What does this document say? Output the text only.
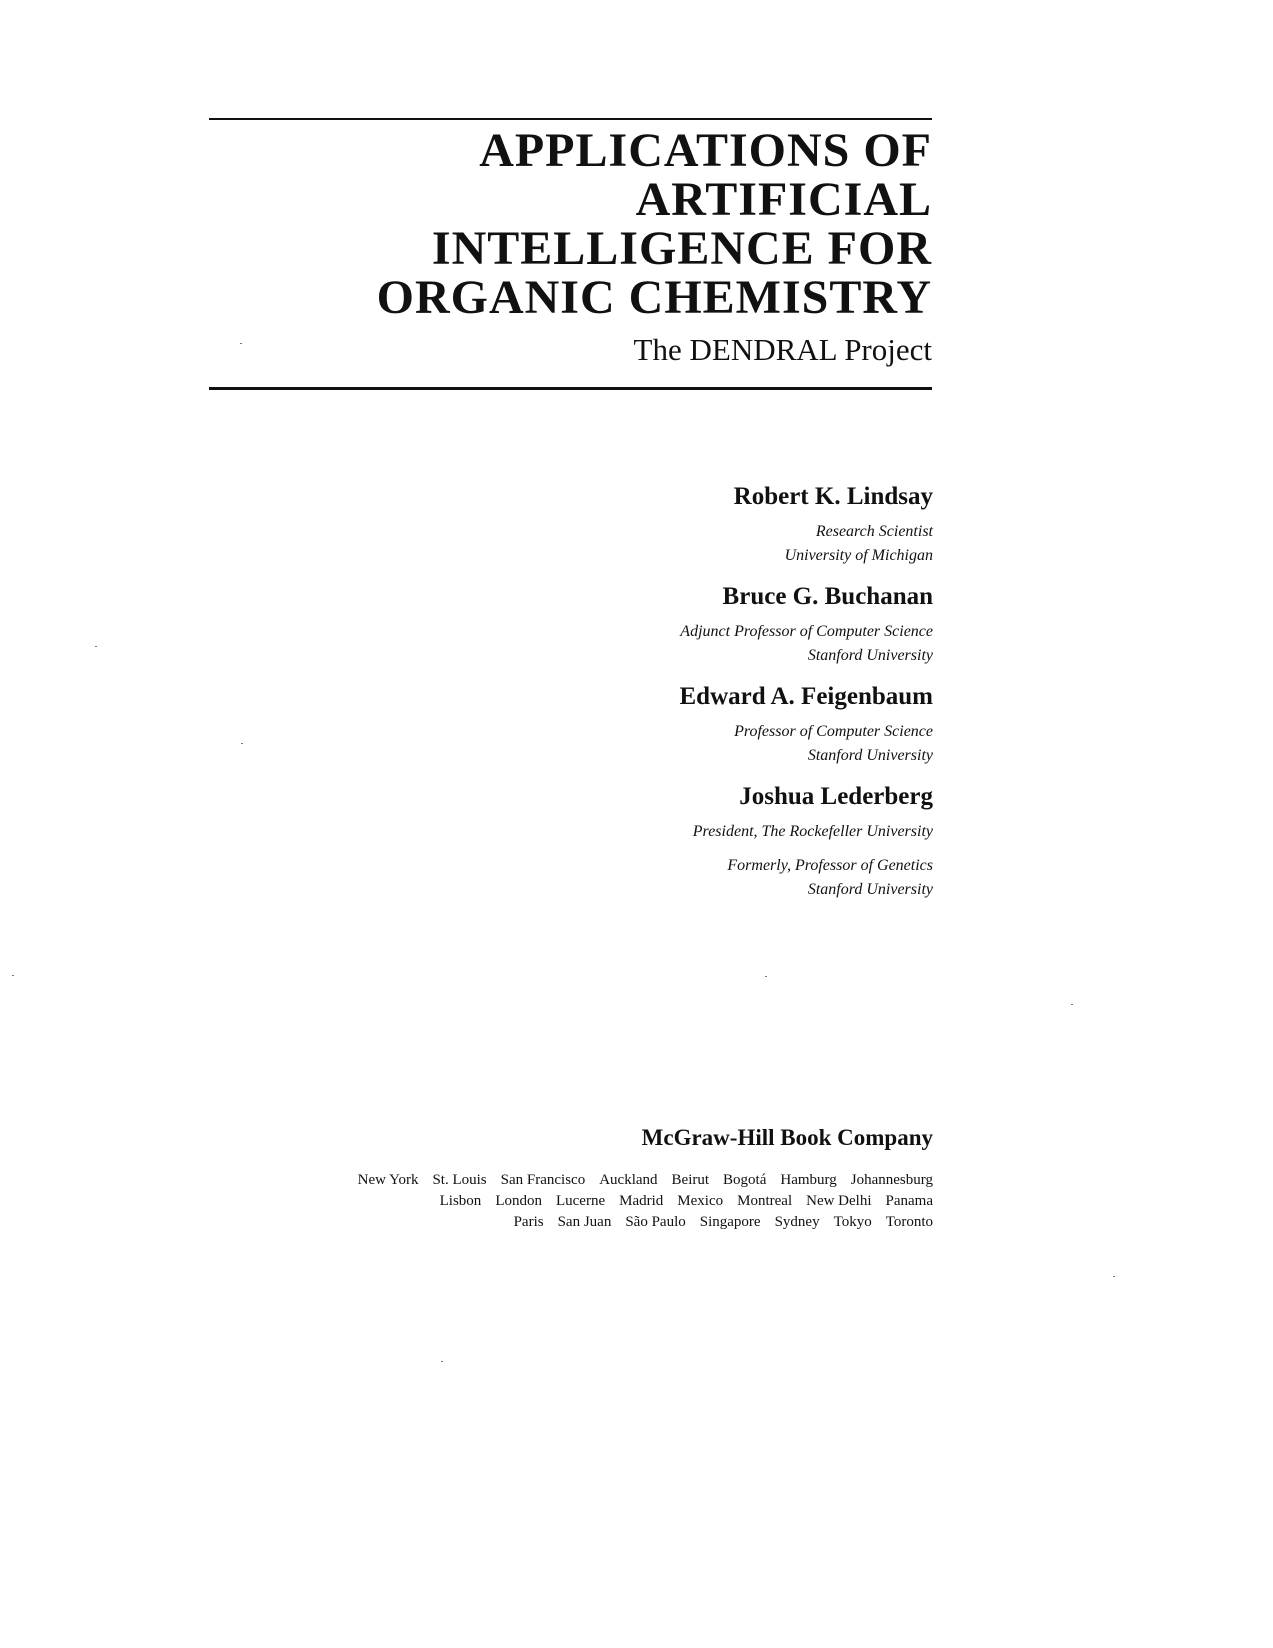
APPLICATIONS OF
ARTIFICIAL
INTELLIGENCE FOR
ORGANIC CHEMISTRY
The DENDRAL Project
Robert K. Lindsay
Research Scientist
University of Michigan
Bruce G. Buchanan
Adjunct Professor of Computer Science
Stanford University
Edward A. Feigenbaum
Professor of Computer Science
Stanford University
Joshua Lederberg
President, The Rockefeller University
Formerly, Professor of Genetics
Stanford University
McGraw-Hill Book Company
New York St. Louis San Francisco Auckland Beirut Bogotá Hamburg Johannesburg
Lisbon London Lucerne Madrid Mexico Montreal New Delhi Panama
Paris San Juan São Paulo Singapore Sydney Tokyo Toronto
